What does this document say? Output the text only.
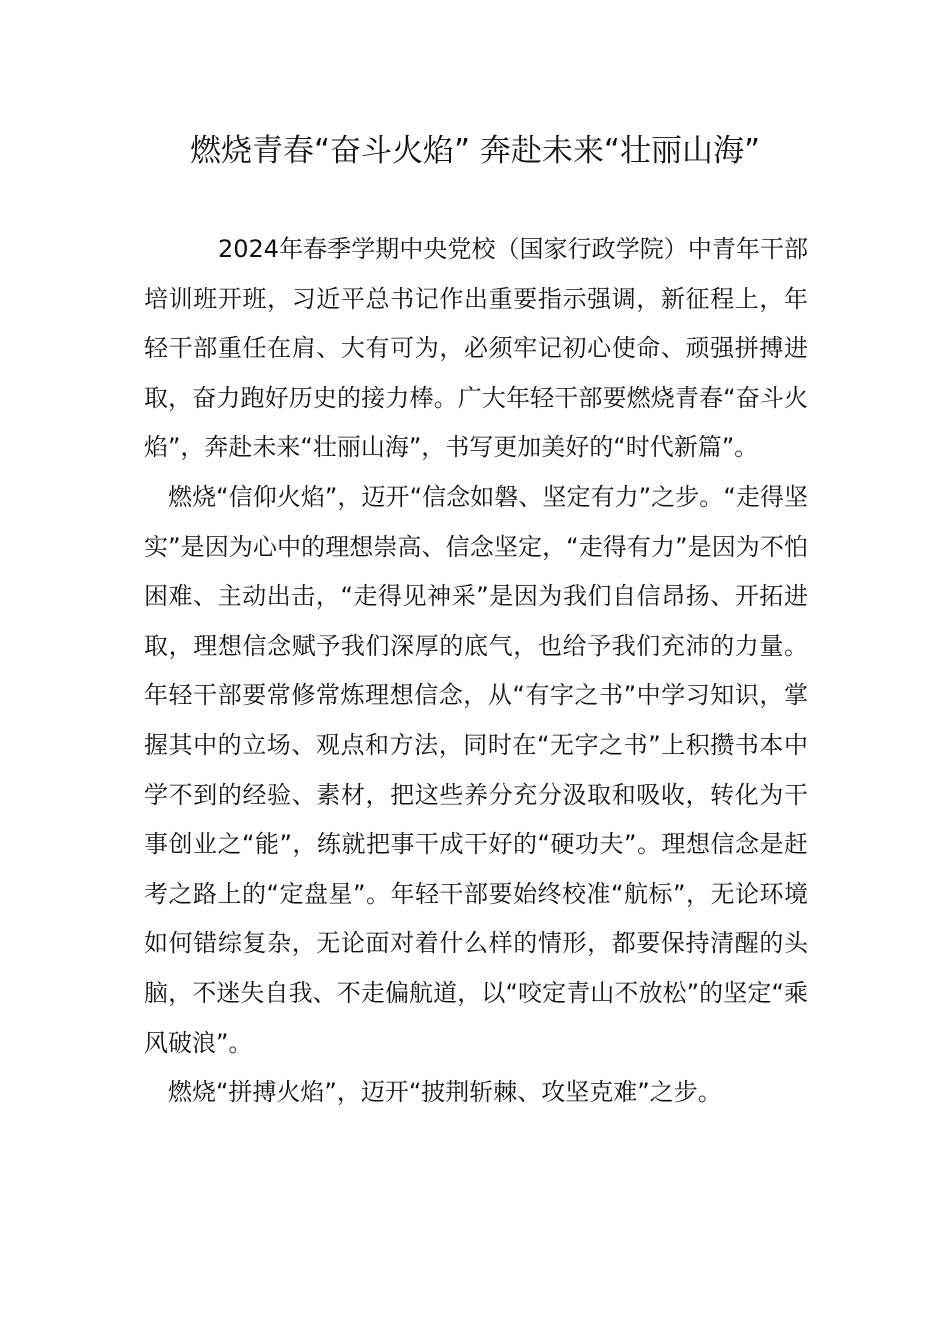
燃烧青春“奋斗火焰” 奔赴未来“壮丽山海”

2024年春季学期中央党校（国家行政学院）中青年干部培训班开班，习近平总书记作出重要指示强调，新征程上，年轻干部重任在肩、大有可为，必须牢记初心使命、顽强拼搏进取，奋力跑好历史的接力棒。广大年轻干部要燃烧青春“奋斗火焰”，奔赴未来“壮丽山海”，书写更加美好的“时代新篇”。

燃烧“信仰火焰”，迈开“信念如磐、坚定有力”之步。“走得坚实”是因为心中的理想崇高、信念坚定，“走得有力”是因为不怕困难、主动出击，“走得见神采”是因为我们自信昂扬、开拓进取，理想信念赋予我们深厚的底气，也给予我们充沛的力量。年轻干部要常修常炼理想信念，从“有字之书”中学习知识，掌握其中的立场、观点和方法，同时在“无字之书”上积攒书本中学不到的经验、素材，把这些养分充分汲取和吸收，转化为干事创业之“能”，练就把事干成干好的“硬功夫”。理想信念是赶考之路上的“定盘星”。年轻干部要始终校准“航标”，无论环境如何错综复杂，无论面对着什么样的情形，都要保持清醒的头脑，不迷失自我、不走偏航道，以“咬定青山不放松”的坚定“乘风破浪”。

燃烧“拼搏火焰”，迈开“披荆斩棘、攻坚克难”之步。
